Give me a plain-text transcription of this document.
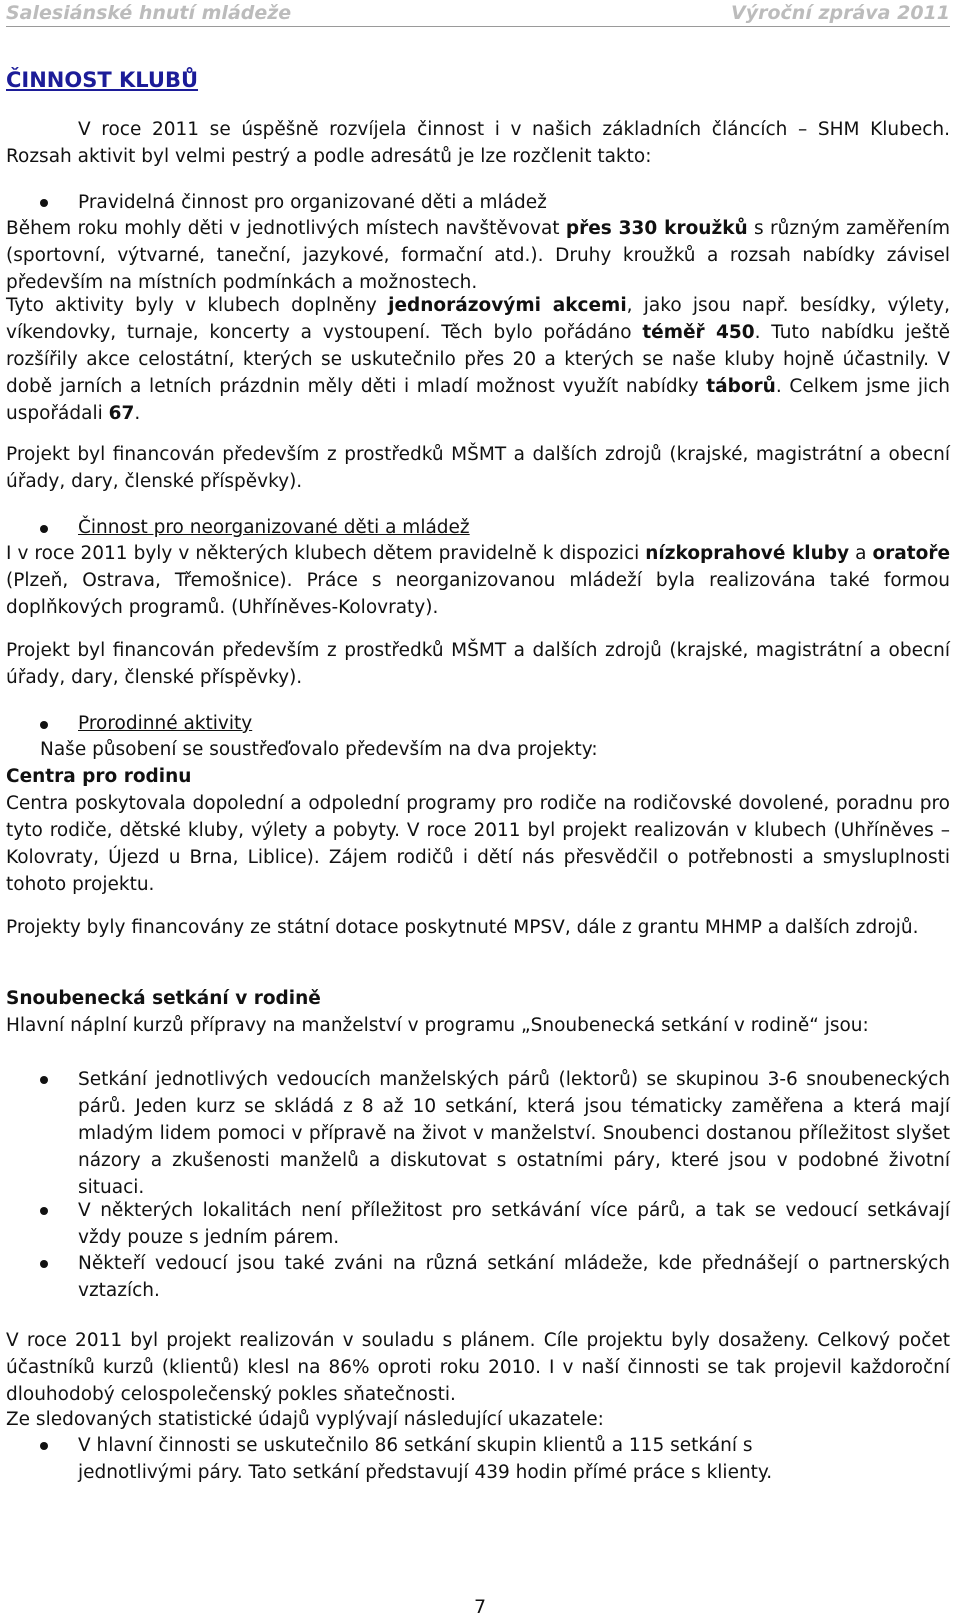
Salesiánské hnutí mládeže	Výroční zpráva 2011
ČINNOST KLUBŮ
V roce 2011 se úspěšně rozvíjela činnost i v našich základních článcích – SHM Klubech. Rozsah aktivit byl velmi pestrý a podle adresátů je lze rozčlenit takto:
Pravidelná činnost pro organizované děti a mládež
Během roku mohly děti v jednotlivých místech navštěvovat přes 330 kroužků s různým zaměřením (sportovní, výtvarné, taneční, jazykové, formační atd.). Druhy kroužků a rozsah nabídky závisel především na místních podmínkách a možnostech.
Tyto aktivity byly v klubech doplněny jednorázovými akcemi, jako jsou např. besídky, výlety, víkendovky, turnaje, koncerty a vystoupení. Těch bylo pořádáno téměř 450. Tuto nabídku ještě rozšířily akce celostátní, kterých se uskutečnilo přes 20 a kterých se naše kluby hojně účastnily. V době jarních a letních prázdnin měly děti i mladí možnost využít nabídky táborů. Celkem jsme jich uspořádali 67.
Projekt byl financován především z prostředků MŠMT a dalších zdrojů (krajské, magistrátní a obecní úřady, dary, členské příspěvky).
Činnost pro neorganizované děti a mládež
I v roce 2011 byly v některých klubech dětem pravidelně k dispozici nízkoprahové kluby a oratoře (Plzeň, Ostrava, Třemošnice). Práce s neorganizovanou mládeží byla realizována také formou doplňkových programů. (Uhříněves-Kolovraty).
Projekt byl financován především z prostředků MŠMT a dalších zdrojů (krajské, magistrátní a obecní úřady, dary, členské příspěvky).
Prorodinné aktivity
Naše působení se soustřeďovalo především na dva projekty:
Centra pro rodinu
Centra poskytovala dopolední a odpolední programy pro rodiče na rodičovské dovolené, poradnu pro tyto rodiče, dětské kluby, výlety a pobyty. V roce 2011 byl projekt realizován v klubech (Uhříněves – Kolovraty, Újezd u Brna, Liblice). Zájem rodičů i dětí nás přesvědčil o potřebnosti a smysluplnosti tohoto projektu.
Projekty byly financovány ze státní dotace poskytnuté MPSV, dále z grantu MHMP a dalších zdrojů.
Snoubenecká setkání v rodině
Hlavní náplní kurzů přípravy na manželství v programu „Snoubenecká setkání v rodině“ jsou:
Setkání jednotlivých vedoucích manželských párů (lektorů) se skupinou 3-6 snoubeneckých párů. Jeden kurz se skládá z 8 až 10 setkání, která jsou tématicky zaměřena a která mají mladým lidem pomoci v přípravě na život v manželství. Snoubenci dostanou příležitost slyšet názory a zkušenosti manželů a diskutovat s ostatními páry, které jsou v podobné životní situaci.
V některých lokalitách není příležitost pro setkávání více párů, a tak se vedoucí setkávají vždy pouze s jedním párem.
Někteří vedoucí jsou také zváni na různá setkání mládeže, kde přednášejí o partnerských vztazích.
V roce 2011 byl projekt realizován v souladu s plánem. Cíle projektu byly dosaženy. Celkový počet účastníků kurzů (klientů) klesl na 86% oproti roku 2010. I v naší činnosti se tak projevil každoroční dlouhodobý celospolečenský pokles sňatečnosti.
Ze sledovaných statistické údajů vyplývají následující ukazatele:
V hlavní činnosti se uskutečnilo 86 setkání skupin klientů a 115 setkání s
jednotlivými páry. Tato setkání představují 439 hodin přímé práce s klienty.
7
